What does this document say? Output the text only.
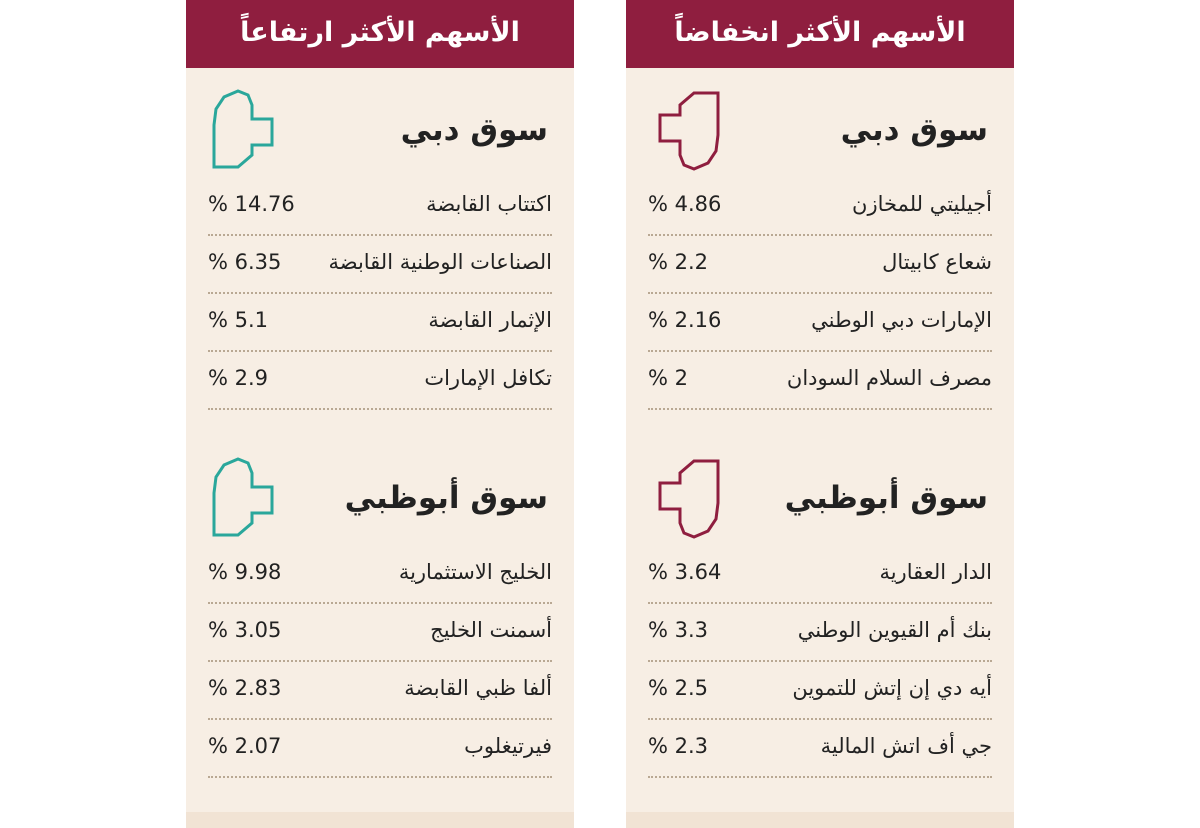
الأسهم الأكثر انخفاضاً
سوق دبي
أجيليتي للمخازن
4.86 %
شعاع كابيتال
2.2 %
الإمارات دبي الوطني
2.16 %
مصرف السلام السودان
2 %
سوق أبوظبي
الدار العقارية
3.64 %
بنك أم القيوين الوطني
3.3 %
أيه دي إن إتش للتموين
2.5 %
جي أف اتش المالية
2.3 %
الأسهم الأكثر ارتفاعاً
سوق دبي
اكتتاب القابضة
14.76 %
الصناعات الوطنية القابضة
6.35 %
الإثمار القابضة
5.1 %
تكافل الإمارات
2.9 %
سوق أبوظبي
الخليج الاستثمارية
9.98 %
أسمنت الخليج
3.05 %
ألفا ظبي القابضة
2.83 %
فيرتيغلوب
2.07 %
